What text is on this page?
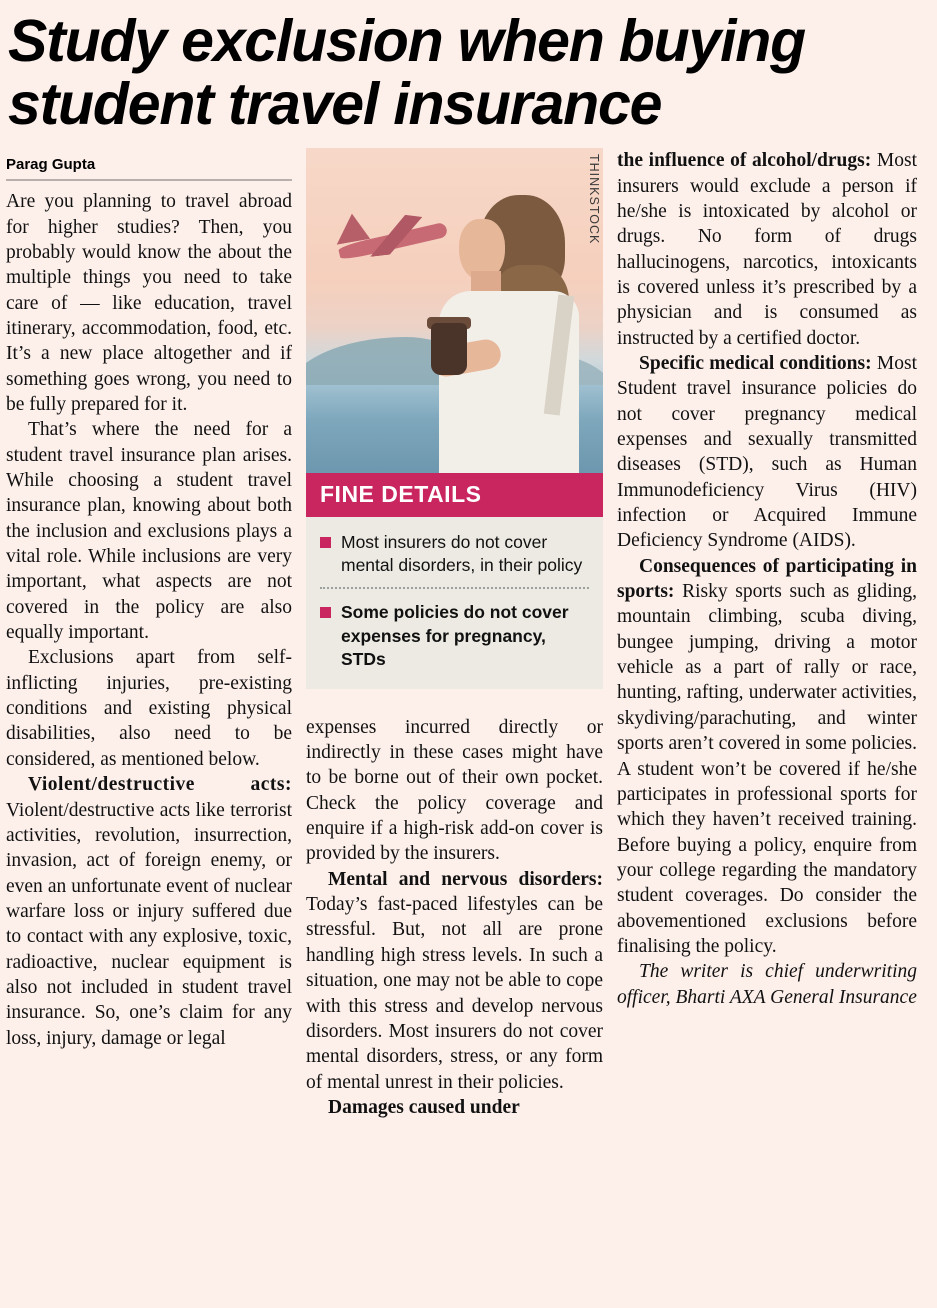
Study exclusion when buying student travel insurance
Parag Gupta

Are you planning to travel abroad for higher studies? Then, you probably would know the about the multiple things you need to take care of — like education, travel itinerary, accommodation, food, etc. It’s a new place altogether and if something goes wrong, you need to be fully prepared for it.

That’s where the need for a student travel insurance plan arises. While choosing a student travel insurance plan, knowing about both the inclusion and exclusions plays a vital role. While inclusions are very important, what aspects are not covered in the policy are also equally important.

Exclusions apart from self-inflicting injuries, pre-existing conditions and existing physical disabilities, also need to be considered, as mentioned below.

Violent/destructive acts: Violent/destructive acts like terrorist activities, revolution, insurrection, invasion, act of foreign enemy, or even an unfortunate event of nuclear warfare loss or injury suffered due to contact with any explosive, toxic, radioactive, nuclear equipment is also not included in student travel insurance. So, one’s claim for any loss, injury, damage or legal

THINKSTOCK
FINE DETAILS
Most insurers do not cover mental disorders, in their policy
Some policies do not cover expenses for pregnancy, STDs

expenses incurred directly or indirectly in these cases might have to be borne out of their own pocket. Check the policy coverage and enquire if a high-risk add-on cover is provided by the insurers.

Mental and nervous disorders: Today’s fast-paced lifestyles can be stressful. But, not all are prone handling high stress levels. In such a situation, one may not be able to cope with this stress and develop nervous disorders. Most insurers do not cover mental disorders, stress, or any form of mental unrest in their policies.

Damages caused under

the influence of alcohol/drugs: Most insurers would exclude a person if he/she is intoxicated by alcohol or drugs. No form of drugs hallucinogens, narcotics, intoxicants is covered unless it’s prescribed by a physician and is consumed as instructed by a certified doctor.

Specific medical conditions: Most Student travel insurance policies do not cover pregnancy medical expenses and sexually transmitted diseases (STD), such as Human Immunodeficiency Virus (HIV) infection or Acquired Immune Deficiency Syndrome (AIDS).

Consequences of participating in sports: Risky sports such as gliding, mountain climbing, scuba diving, bungee jumping, driving a motor vehicle as a part of rally or race, hunting, rafting, underwater activities, skydiving/parachuting, and winter sports aren’t covered in some policies. A student won’t be covered if he/she participates in professional sports for which they haven’t received training. Before buying a policy, enquire from your college regarding the mandatory student coverages. Do consider the abovementioned exclusions before finalising the policy.

The writer is chief underwriting officer, Bharti AXA General Insurance
